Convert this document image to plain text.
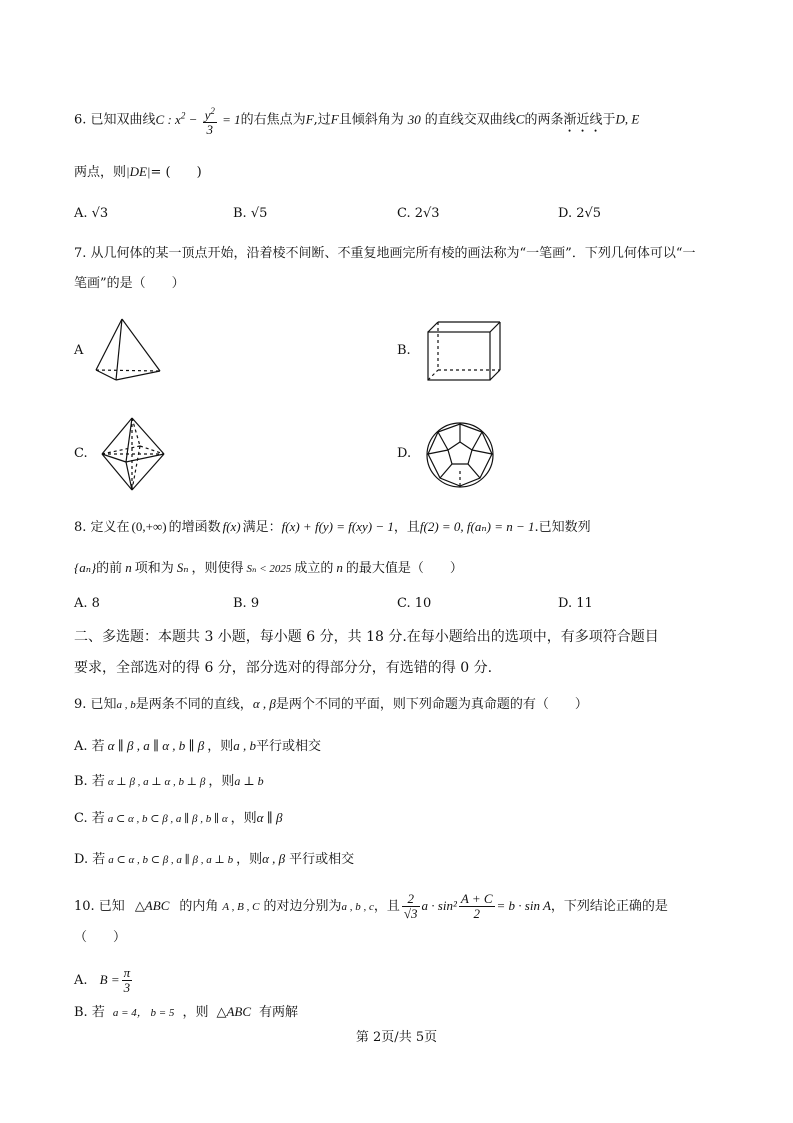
6. 已知双曲线C : $x^2 - \frac{y^2}{3} = 1$的右焦点为F,过F且倾斜角为 30 的直线交双曲线C的两条渐近线于D, E
两点，则|DE|= (　　)
A. √3	B. √5	C. 2√3	D. 2√5
7. 从几何体的某一顶点开始，沿着棱不间断、不重复地画完所有棱的画法称为“一笔画”．下列几何体可以“一
笔画”的是（　　）
A	B.
C.	D.
8. 定义在 (0,+∞) 的增函数 f(x) 满足：f(x) + f(y) = f(xy) − 1，且f(2) = 0, f(aₙ) = n − 1.已知数列
{aₙ}的前 n 项和为 Sₙ ，则使得 Sₙ < 2025 成立的 n 的最大值是（　　）
A. 8	B. 9	C. 10	D. 11
二、多选题：本题共 3 小题，每小题 6 分，共 18 分.在每小题给出的选项中，有多项符合题目
要求，全部选对的得 6 分，部分选对的得部分分，有选错的得 0 分.
9. 已知a , b是两条不同的直线，α , β是两个不同的平面，则下列命题为真命题的有（　　）
A. 若 α ∥ β , a ∥ α , b ∥ β ，则a , b平行或相交
B. 若 α ⊥ β , a ⊥ α , b ⊥ β ，则a ⊥ b
C. 若 a ⊂ α , b ⊂ β , a ∥ β , b ∥ α ，则α ∥ β
D. 若 a ⊂ α , b ⊂ β , a ∥ β , a ⊥ b ，则α , β 平行或相交
10. 已知 △ABC 的内角 A , B , C 的对边分别为a , b , c，且 $\frac{2}{√3}$ $a \cdot \sin^2 \frac{A + C}{2} = b \cdot \sin A$，下列结论正确的是
（　　）
A. $B = \frac{\pi}{3}$
B. 若 a = 4， b = 5 ，则 △ABC 有两解
第 2页/共 5页
